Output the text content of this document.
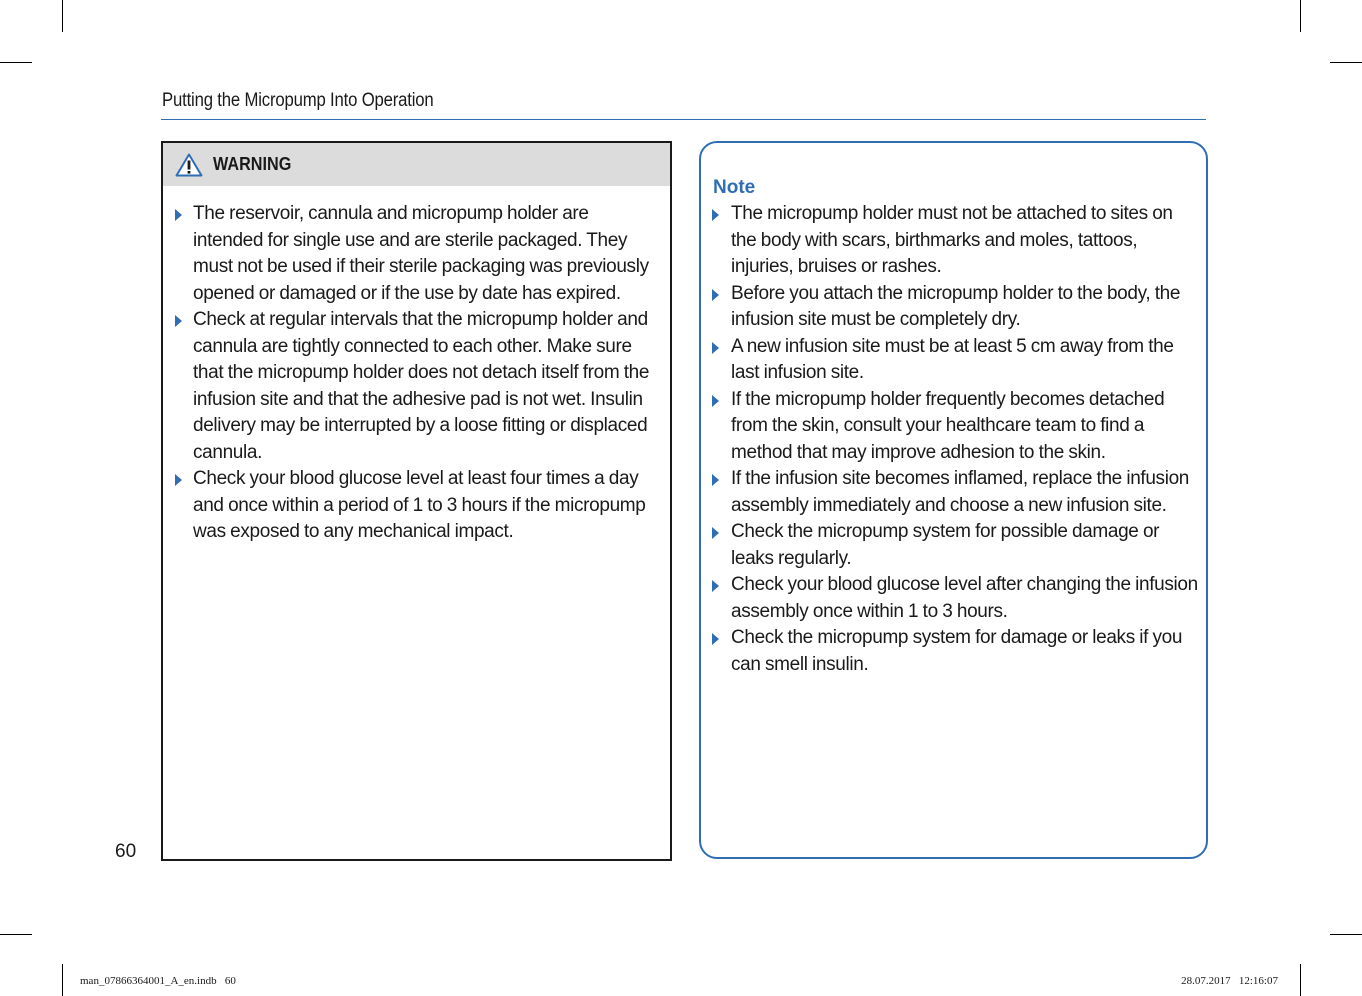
Putting the Micropump Into Operation
WARNING
The reservoir, cannula and micropump holder are intended for single use and are sterile packaged. They must not be used if their sterile packaging was previously opened or damaged or if the use by date has expired.
Check at regular intervals that the micropump holder and cannula are tightly connected to each other. Make sure that the micropump holder does not detach itself from the infusion site and that the adhesive pad is not wet. Insulin delivery may be interrupted by a loose fitting or displaced cannula.
Check your blood glucose level at least four times a day and once within a period of 1 to 3 hours if the micropump was exposed to any mechanical impact.
Note
The micropump holder must not be attached to sites on the body with scars, birthmarks and moles, tattoos, injuries, bruises or rashes.
Before you attach the micropump holder to the body, the infusion site must be completely dry.
A new infusion site must be at least 5 cm away from the last infusion site.
If the micropump holder frequently becomes detached from the skin, consult your healthcare team to find a method that may improve adhesion to the skin.
If the infusion site becomes inflamed, replace the infusion assembly immediately and choose a new infusion site.
Check the micropump system for possible damage or leaks regularly.
Check your blood glucose level after changing the infusion assembly once within 1 to 3 hours.
Check the micropump system for damage or leaks if you can smell insulin.
60
man_07866364001_A_en.indb   60	28.07.2017   12:16:07
